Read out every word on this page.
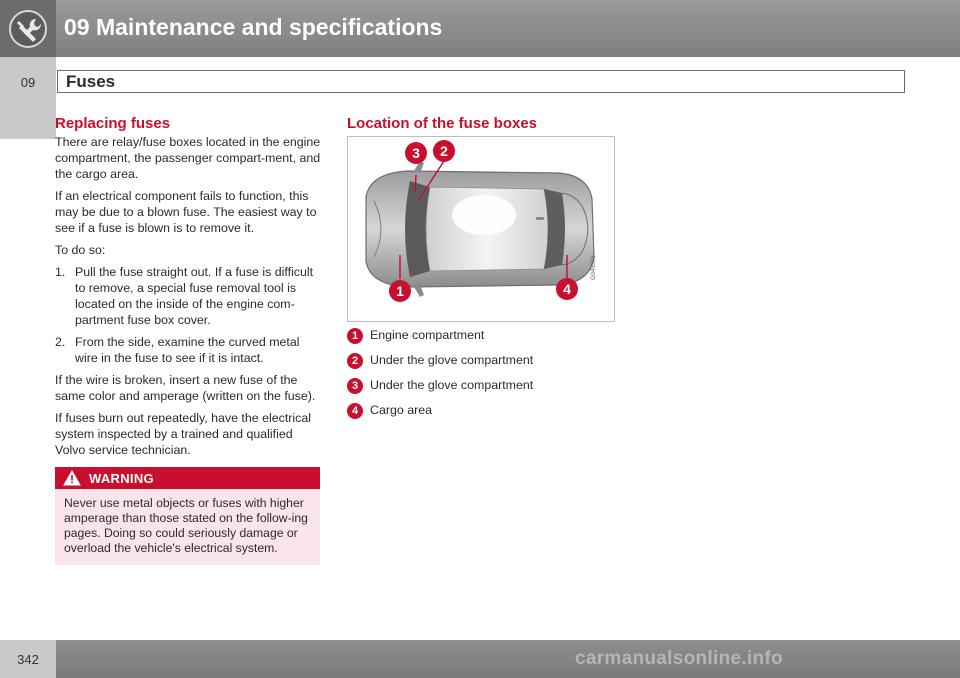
09 Maintenance and specifications
09	Fuses
Replacing fuses

There are relay/fuse boxes located in the engine compartment, the passenger compart-ment, and the cargo area.

If an electrical component fails to function, this may be due to a blown fuse. The easiest way to see if a fuse is blown is to remove it.

To do so:

1. Pull the fuse straight out. If a fuse is difficult to remove, a special fuse removal tool is located on the inside of the engine com-partment fuse box cover.
2. From the side, examine the curved metal wire in the fuse to see if it is intact.

If the wire is broken, insert a new fuse of the same color and amperage (written on the fuse).

If fuses burn out repeatedly, have the electrical system inspected by a trained and qualified Volvo service technician.

WARNING
Never use metal objects or fuses with higher amperage than those stated on the follow-ing pages. Doing so could seriously damage or overload the vehicle's electrical system.
Location of the fuse boxes
3 2
1	4
G045305
1 Engine compartment
2 Under the glove compartment
3 Under the glove compartment
4 Cargo area
342	carmanualsonline.info
